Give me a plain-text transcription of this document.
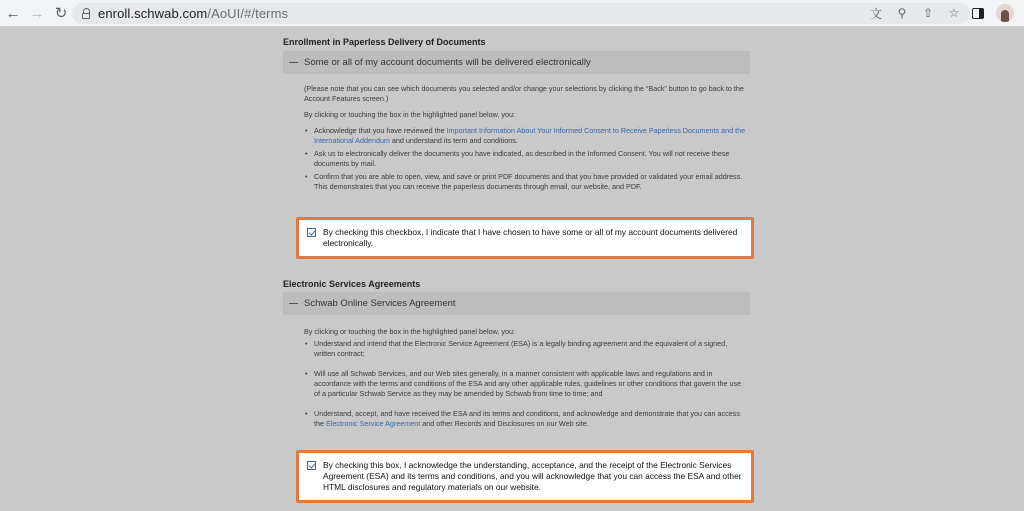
← → ↻	enroll.schwab.com/AoUI/#/terms	文 ⚲	⇧ ☆
Enrollment in Paperless Delivery of Documents
Some or all of my account documents will be delivered electronically

(Please note that you can see which documents you selected and/or change your selections by clicking the “Back” button to go back to the Account Features screen.)

By clicking or touching the box in the highlighted panel below, you:

• Acknowledge that you have reviewed the Important Information About Your Informed Consent to Receive Paperless Documents and the International Addendum and understand its term and conditions.
• Ask us to electronically deliver the documents you have indicated, as described in the Informed Consent. You will not receive these documents by mail.
• Confirm that you are able to open, view, and save or print PDF documents and that you have provided or validated your email address. This demonstrates that you can receive the paperless documents through email, our website, and PDF.
By checking this checkbox, I indicate that I have chosen to have some or all of my account documents delivered electronically.
Electronic Services Agreements
Schwab Online Services Agreement

By clicking or touching the box in the highlighted panel below, you:

• Understand and intend that the Electronic Service Agreement (ESA) is a legally binding agreement and the equivalent of a signed, written contract;
• Will use all Schwab Services, and our Web sites generally, in a manner consistent with applicable laws and regulations and in accordance with the terms and conditions of the ESA and any other applicable rules, guidelines or other conditions that govern the use of a particular Schwab Service as they may be amended by Schwab from time to time; and
• Understand, accept, and have received the ESA and its terms and conditions, and acknowledge and demonstrate that you can access the Electronic Service Agreement and other Records and Disclosures on our Web site.
By checking this box, I acknowledge the understanding, acceptance, and the receipt of the Electronic Services Agreement (ESA) and its terms and conditions, and you will acknowledge that you can access the ESA and other HTML disclosures and regulatory materials on our website.
